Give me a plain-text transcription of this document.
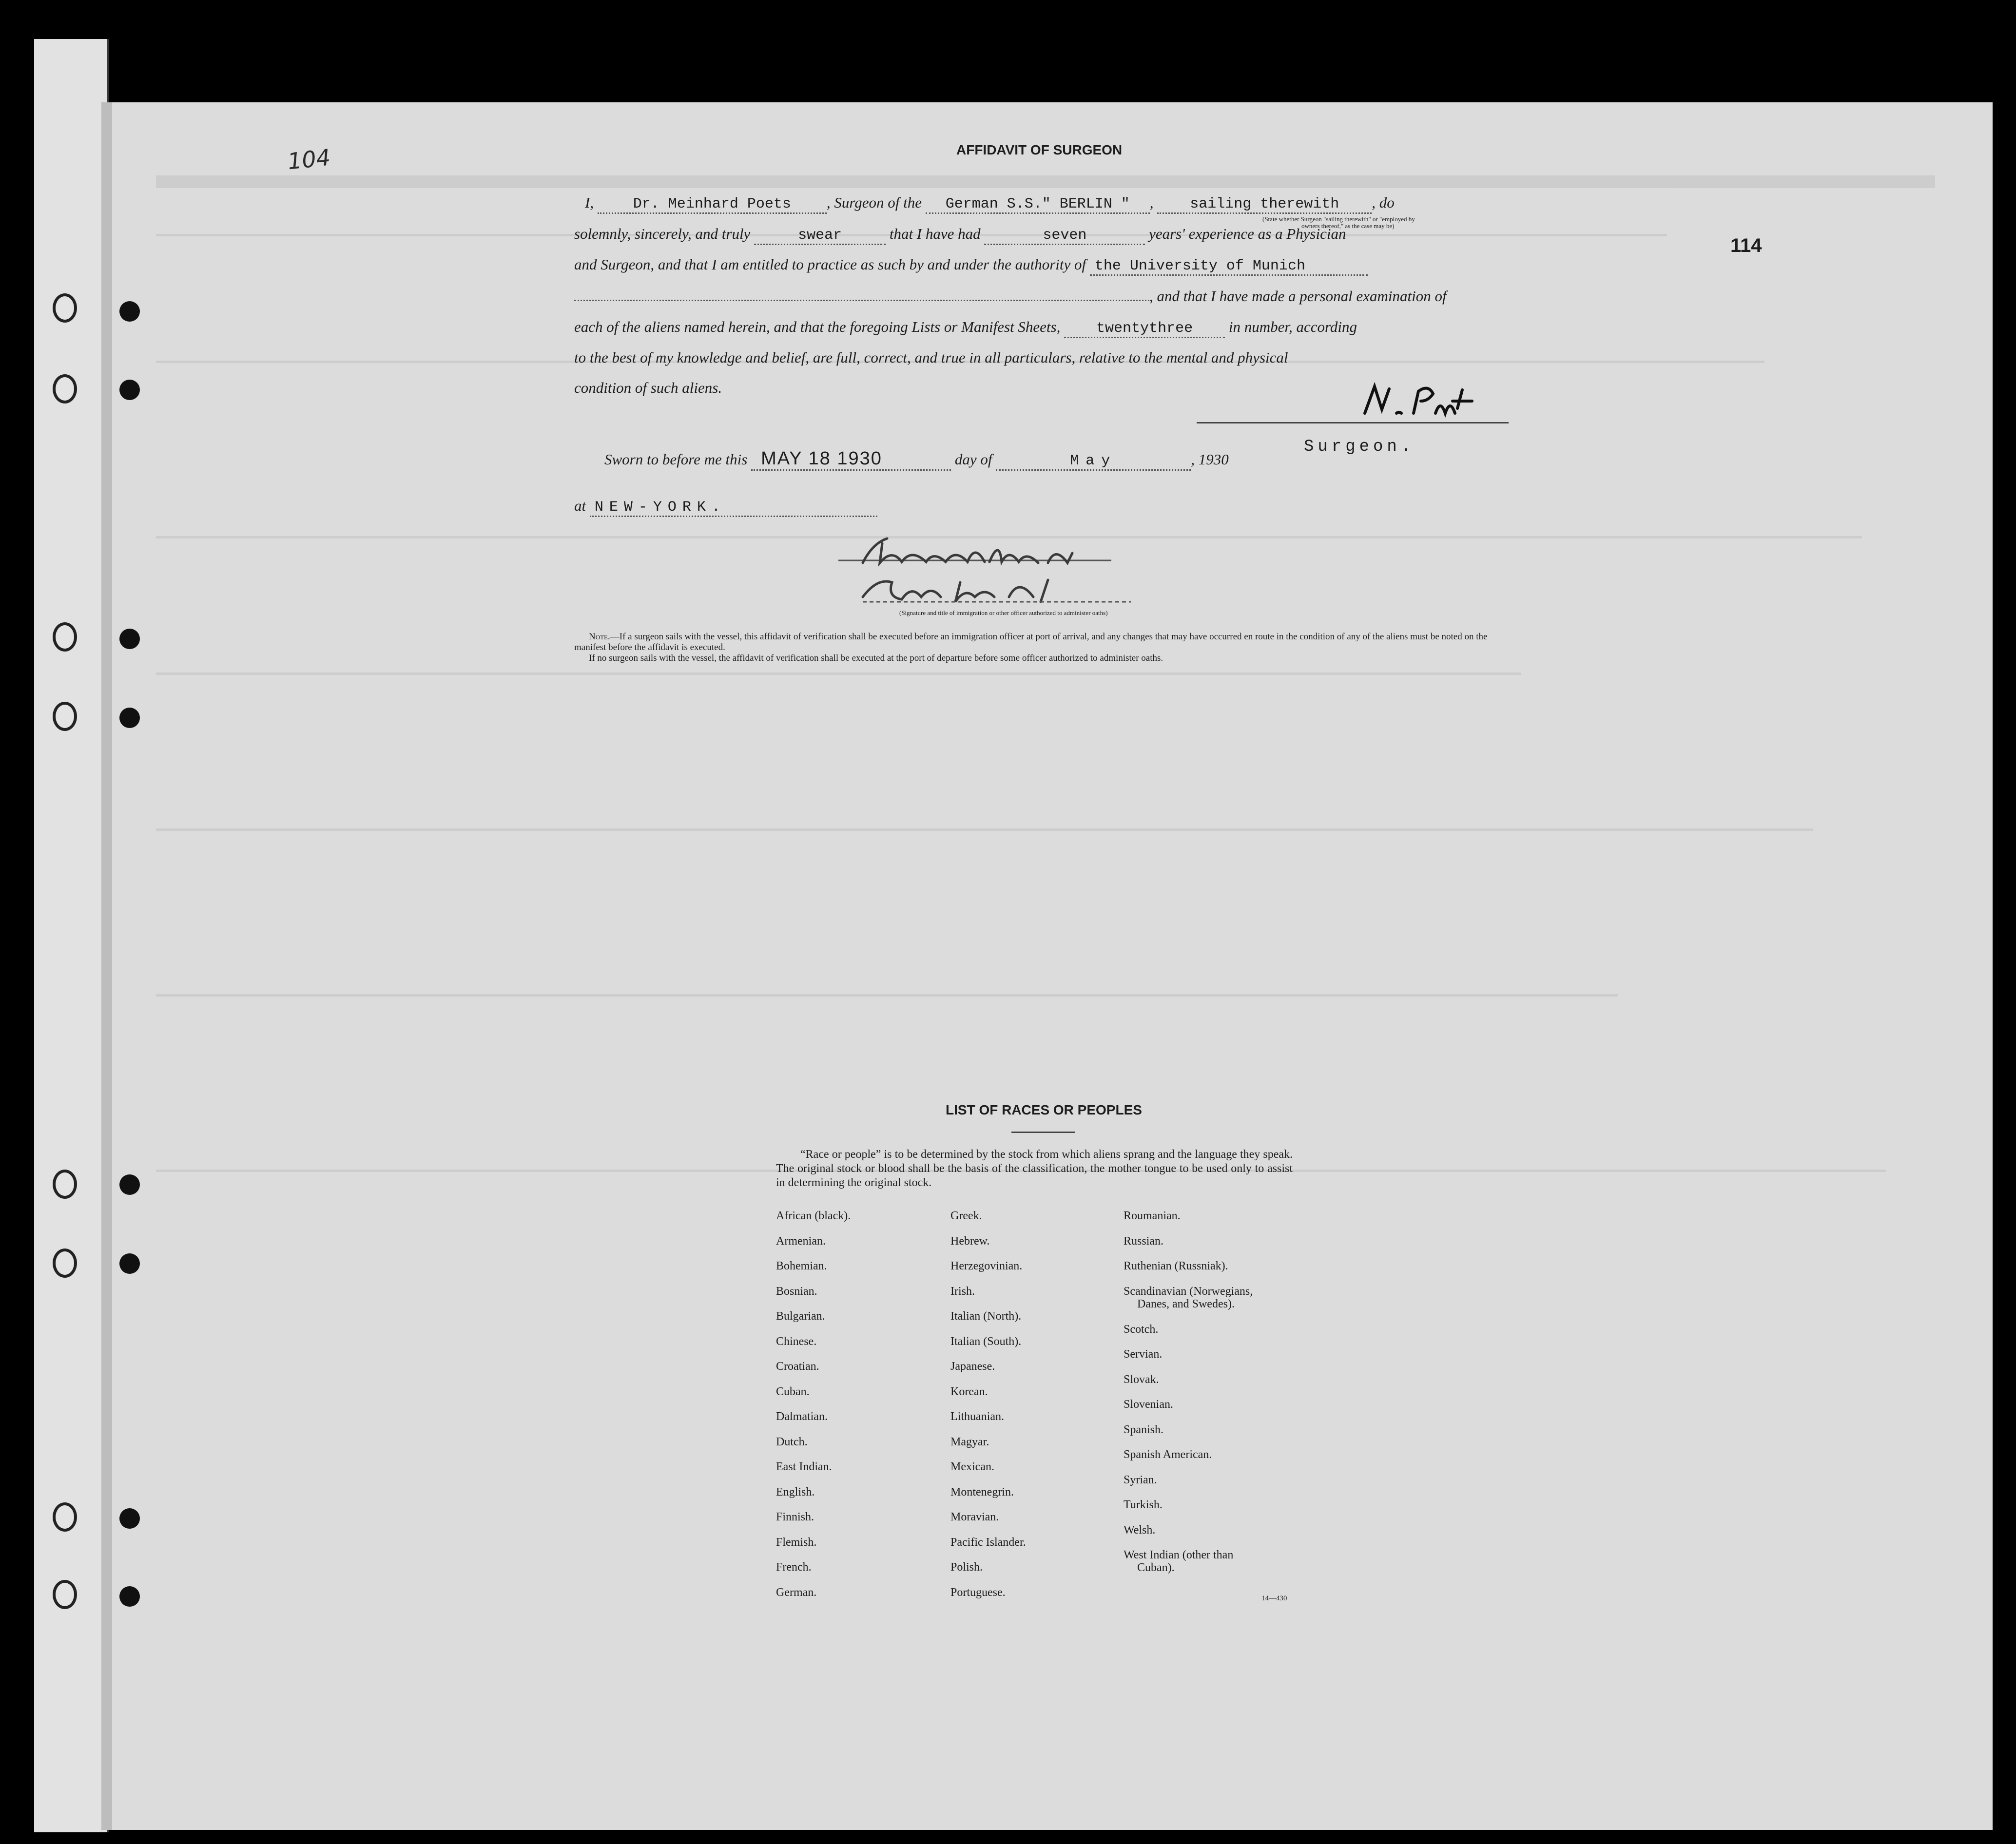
104
114
AFFIDAVIT OF SURGEON
I,	Dr. Meinhard Poets , Surgeon of the German S.S." BERLIN " , sailing therewith , do
(State whether Surgeon "sailing therewith" or "employed by
owners thereof," as the case may be)
solemnly, sincerely, and truly	swear	that I have had	seven	years' experience as a Physician
and Surgeon, and that I am entitled to practice as such by and under the authority of the University of Munich
, and that I have made a personal examination of
each of the aliens named herein, and that the foregoing Lists or Manifest Sheets, twentythree in number, according
to the best of my knowledge and belief, are full, correct, and true in all particulars, relative to the mental and physical
condition of such aliens.
Surgeon.
Sworn to before me this MAY 18 1930	day of	May	, 1930
at NEW-YORK.
(Signature and title of immigration or other officer authorized to administer oaths)
Note.—If a surgeon sails with the vessel, this affidavit of verification shall be executed before an immigration officer at port of arrival, and any changes that may have occurred en route in the condition of any of the aliens must be noted on the manifest before the affidavit is executed.
If no surgeon sails with the vessel, the affidavit of verification shall be executed at the port of departure before some officer authorized to administer oaths.
LIST OF RACES OR PEOPLES
“Race or people” is to be determined by the stock from which aliens sprang and the language they speak. The original stock or blood shall be the basis of the classification, the mother tongue to be used only to assist in determining the original stock.
African (black).
Armenian.
Bohemian.
Bosnian.
Bulgarian.
Chinese.
Croatian.
Cuban.
Dalmatian.
Dutch.
East Indian.
English.
Finnish.
Flemish.
French.
German.
Greek.
Hebrew.
Herzegovinian.
Irish.
Italian (North).
Italian (South).
Japanese.
Korean.
Lithuanian.
Magyar.
Mexican.
Montenegrin.
Moravian.
Pacific Islander.
Polish.
Portuguese.
Roumanian.
Russian.
Ruthenian (Russniak).
Scandinavian (Norwegians,
Danes, and Swedes).
Scotch.
Servian.
Slovak.
Slovenian.
Spanish.
Spanish American.
Syrian.
Turkish.
Welsh.
West Indian (other than
Cuban).
14—430
